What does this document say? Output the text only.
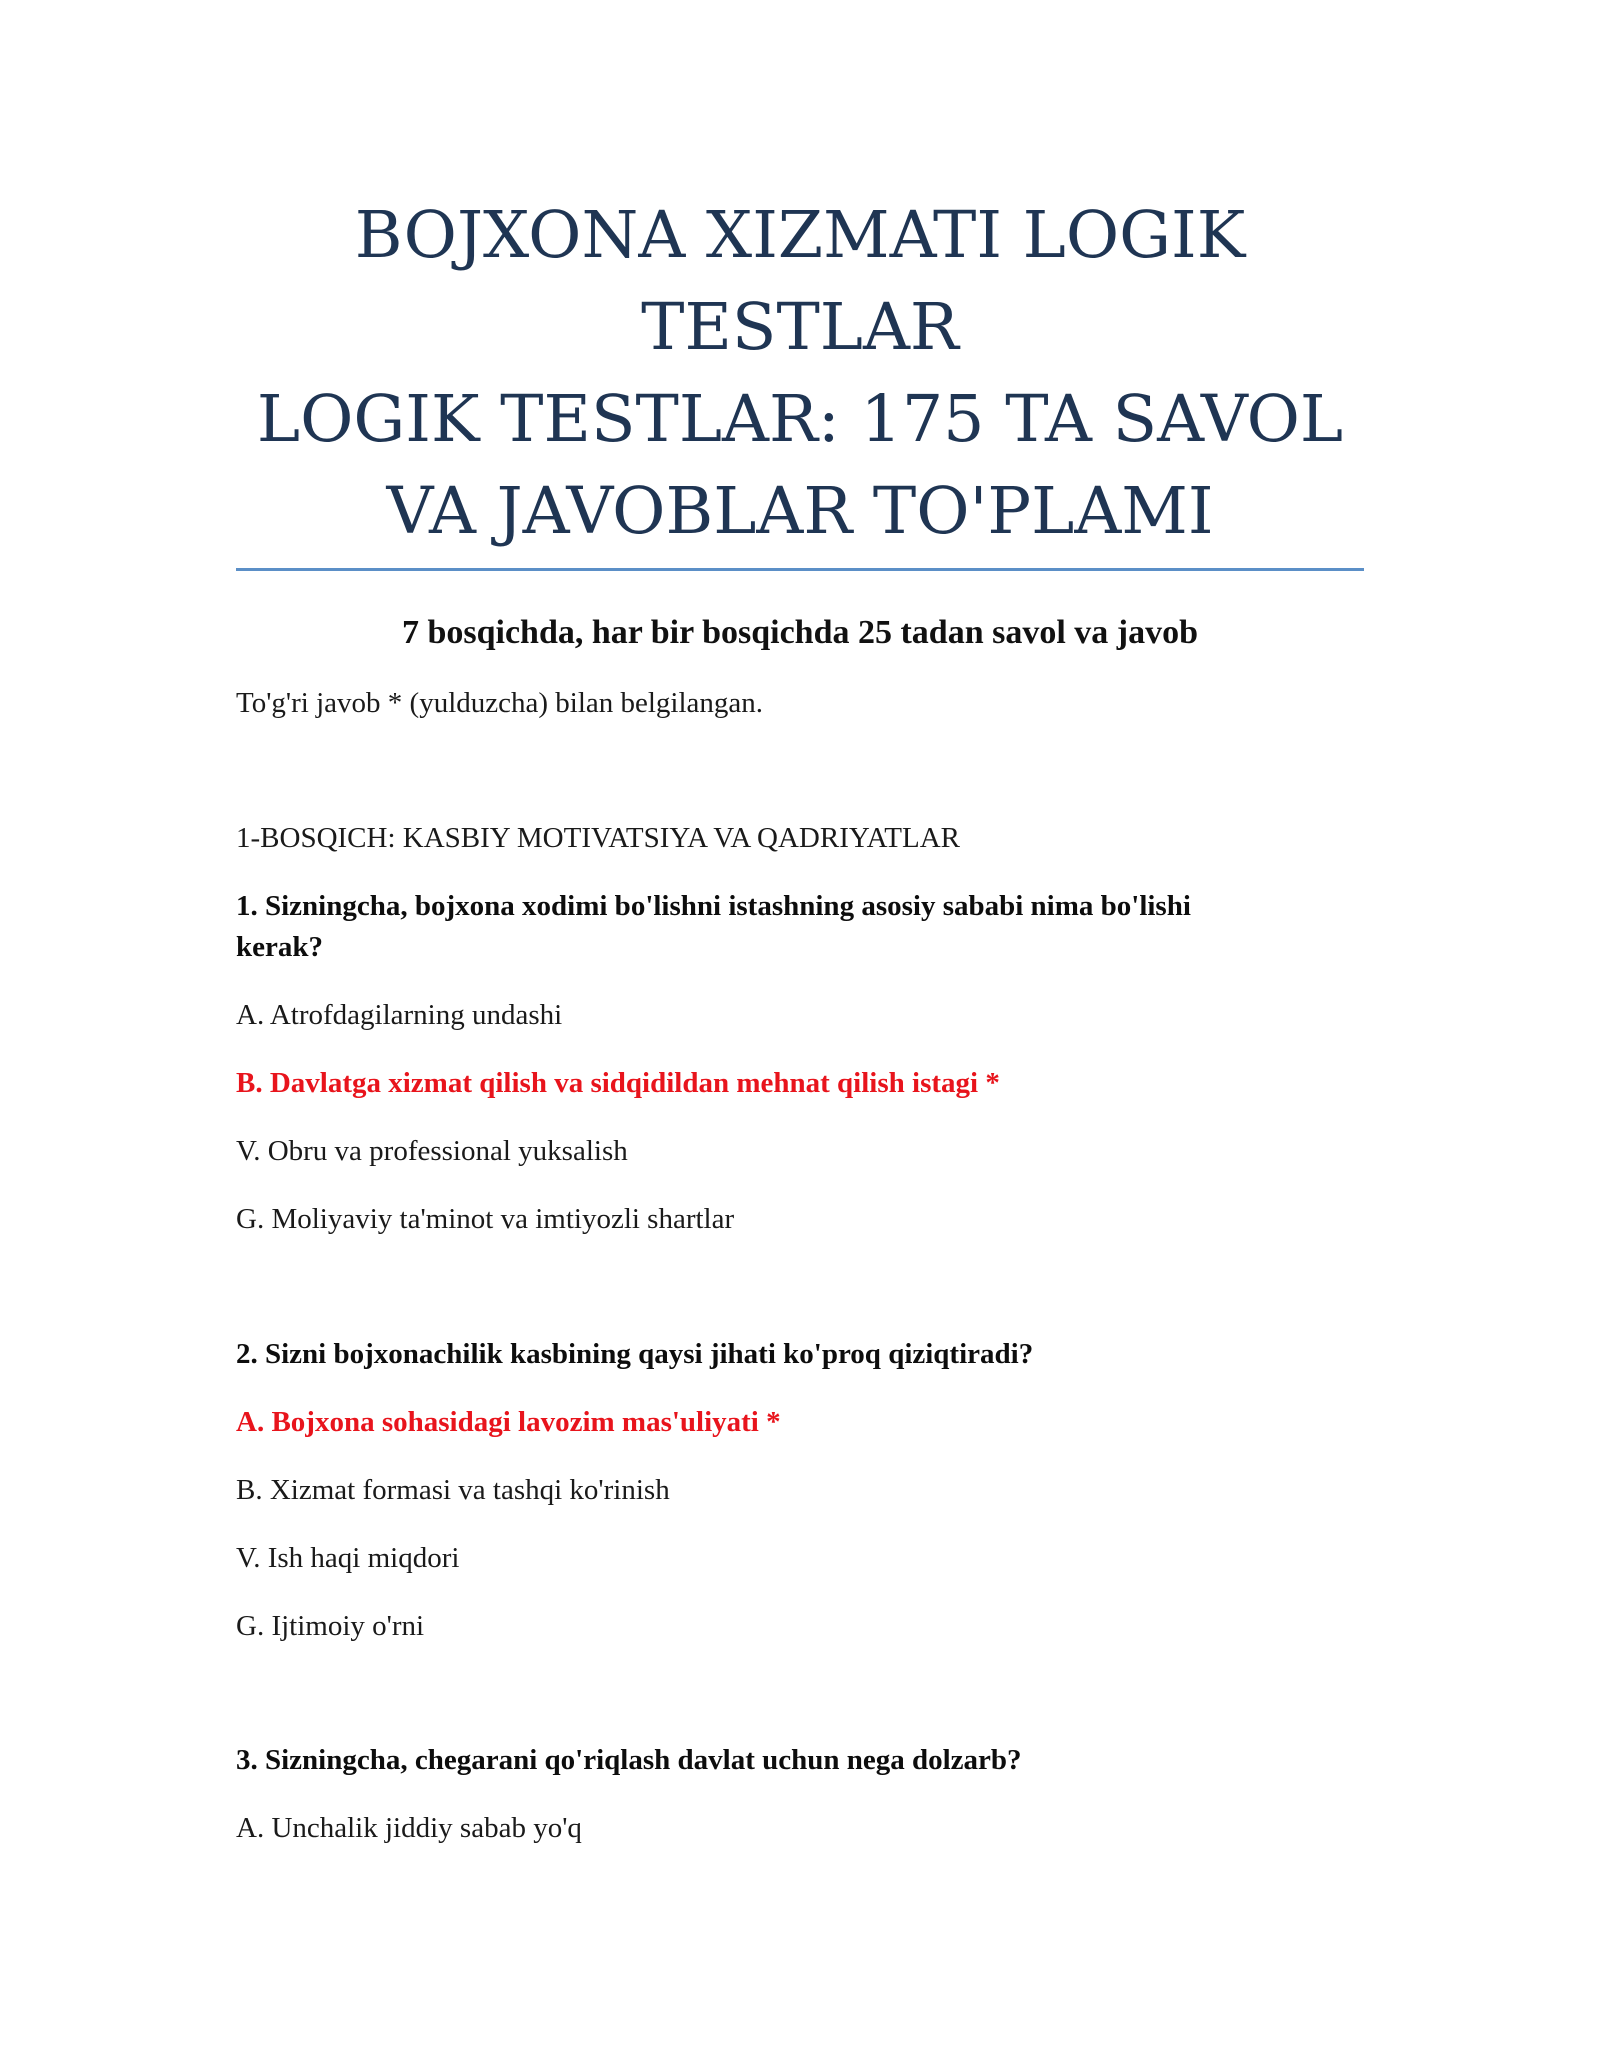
BOJXONA XIZMATI LOGIK
TESTLAR
LOGIK TESTLAR: 175 TA SAVOL
VA JAVOBLAR TO'PLAMI
7 bosqichda, har bir bosqichda 25 tadan savol va javob
To'g'ri javob * (yulduzcha) bilan belgilangan.
1-BOSQICH: KASBIY MOTIVATSIYA VA QADRIYATLAR
1. Sizningcha, bojxona xodimi bo'lishni istashning asosiy sababi nima bo'lishi
kerak?
A. Atrofdagilarning undashi
B. Davlatga xizmat qilish va sidqidildan mehnat qilish istagi *
V. Obru va professional yuksalish
G. Moliyaviy ta'minot va imtiyozli shartlar
2. Sizni bojxonachilik kasbining qaysi jihati ko'proq qiziqtiradi?
A. Bojxona sohasidagi lavozim mas'uliyati *
B. Xizmat formasi va tashqi ko'rinish
V. Ish haqi miqdori
G. Ijtimoiy o'rni
3. Sizningcha, chegarani qo'riqlash davlat uchun nega dolzarb?
A. Unchalik jiddiy sabab yo'q
